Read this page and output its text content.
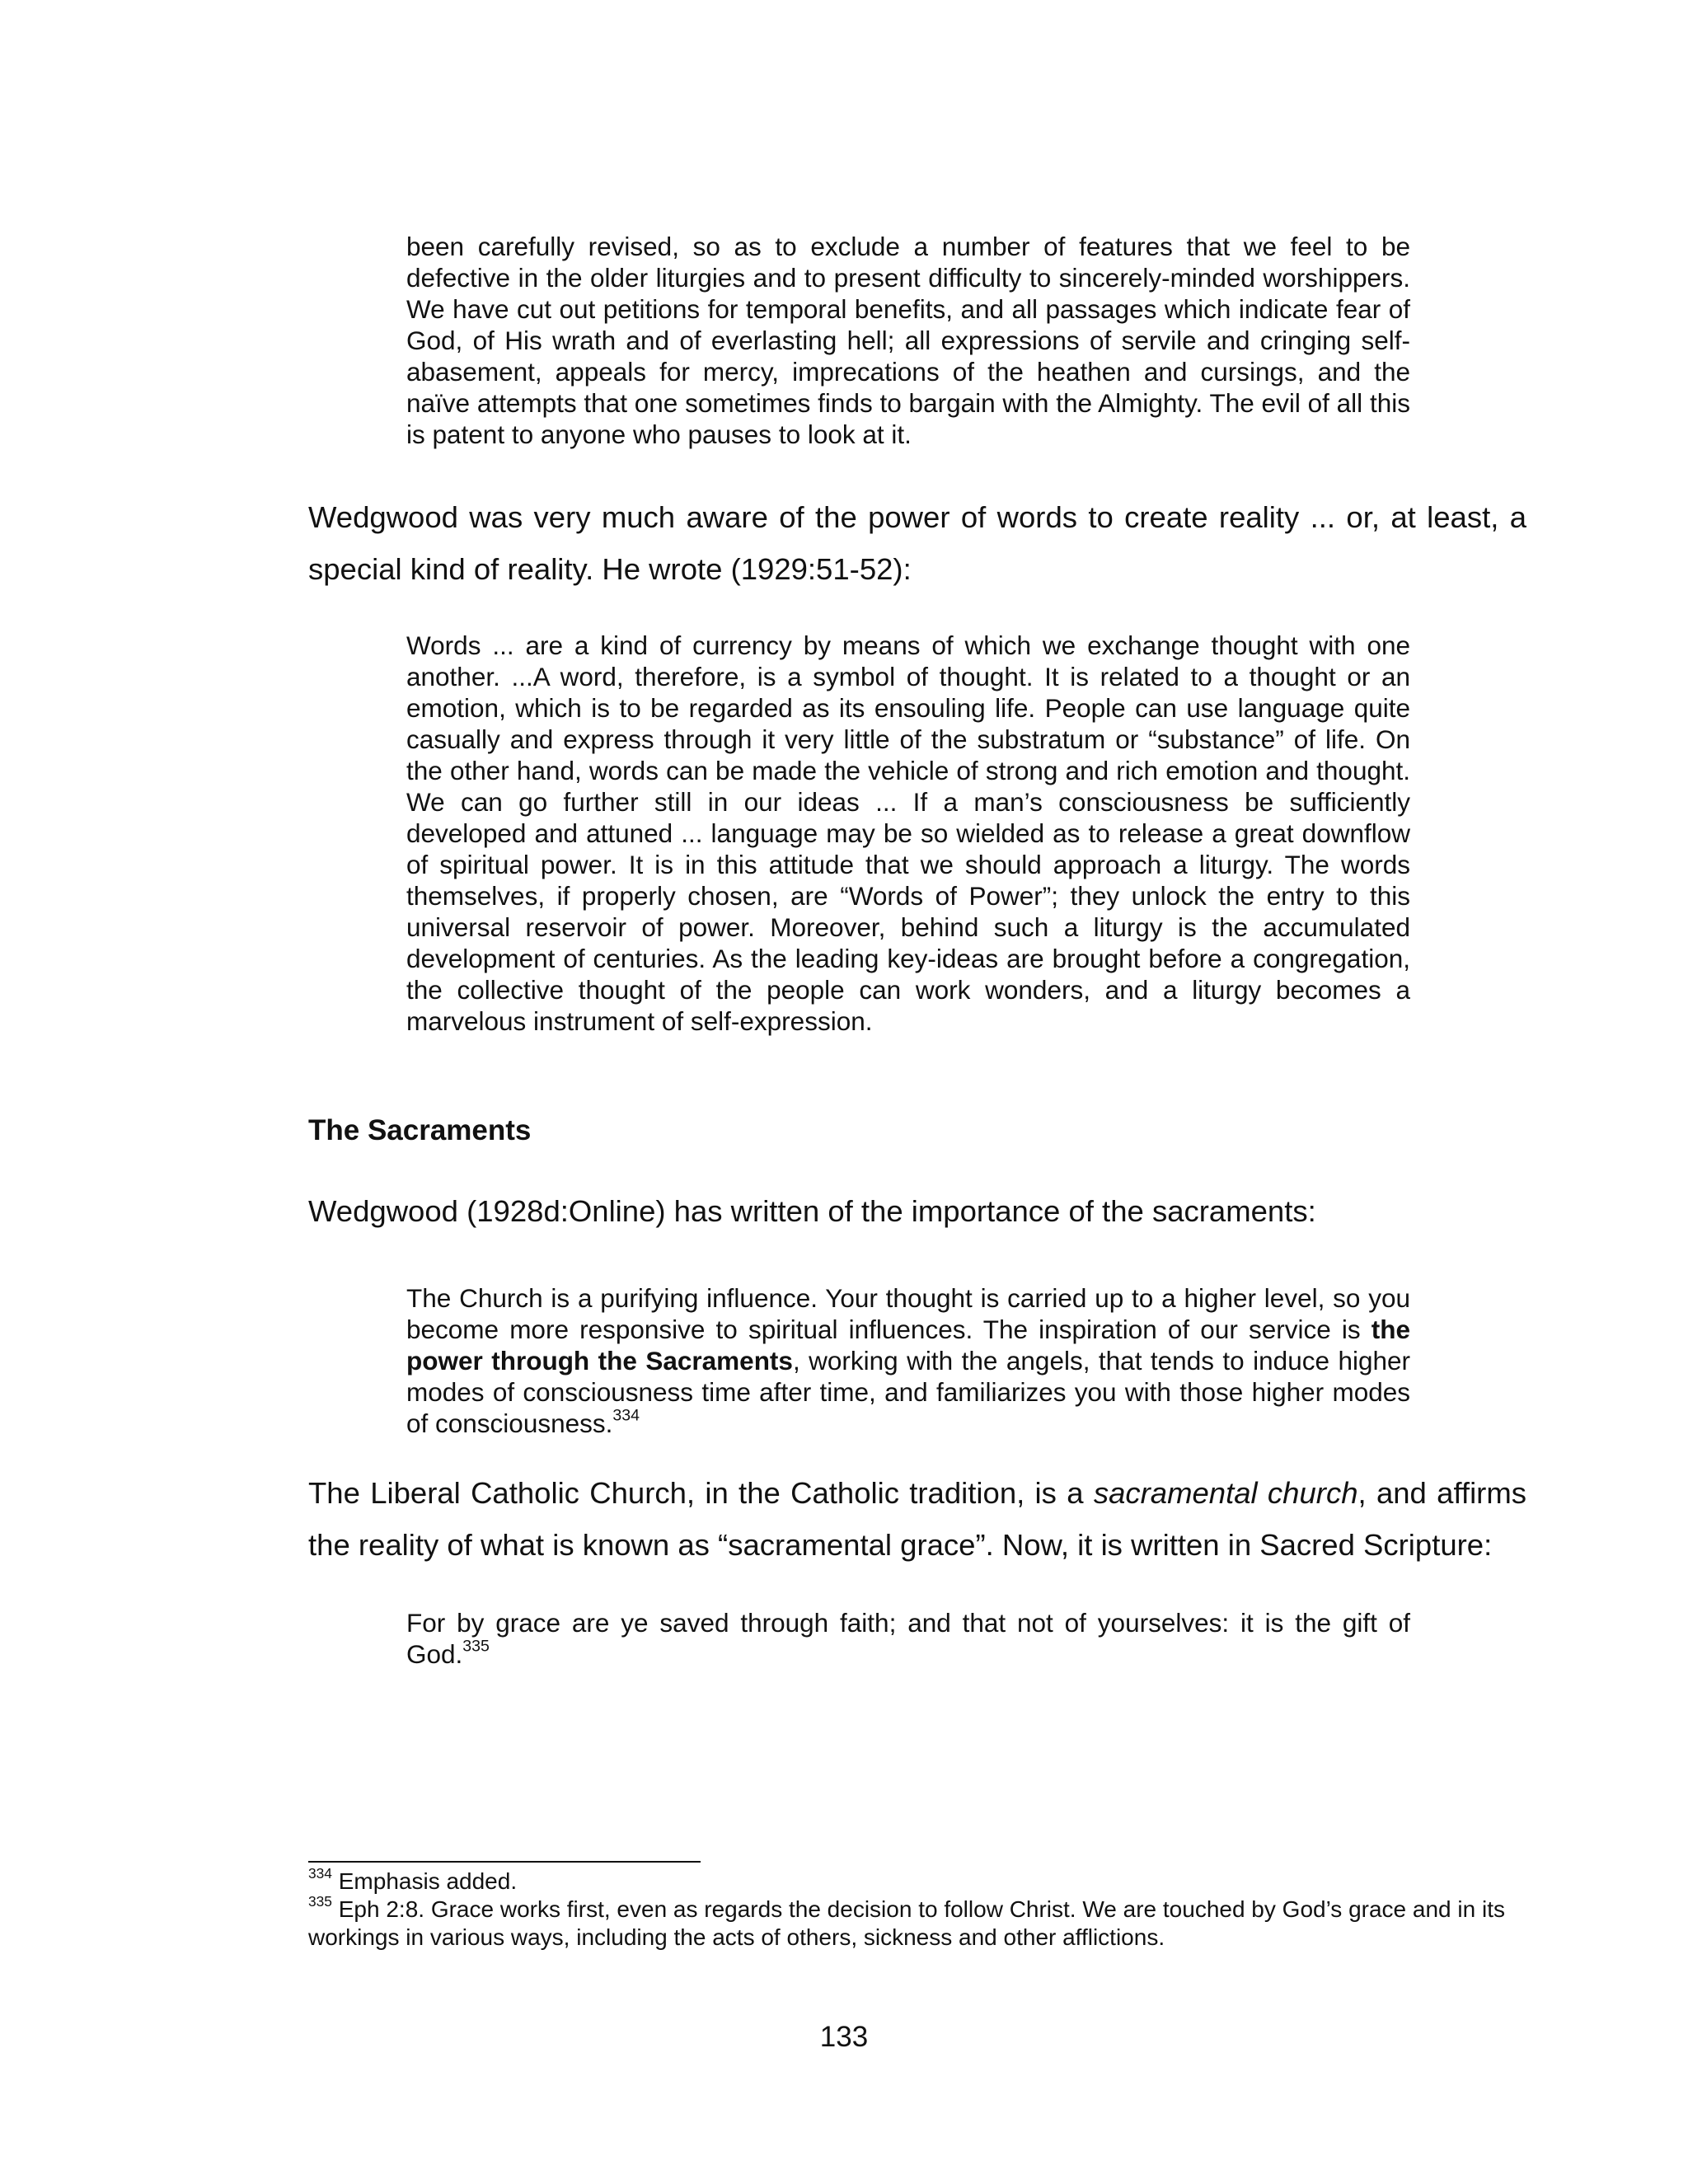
been carefully revised, so as to exclude a number of features that we feel to be defective in the older liturgies and to present difficulty to sincerely-minded worshippers. We have cut out petitions for temporal benefits, and all passages which indicate fear of God, of His wrath and of everlasting hell; all expressions of servile and cringing self-abasement, appeals for mercy, imprecations of the heathen and cursings, and the naïve attempts that one sometimes finds to bargain with the Almighty. The evil of all this is patent to anyone who pauses to look at it.

Wedgwood was very much aware of the power of words to create reality ... or, at least, a special kind of reality. He wrote (1929:51-52):

Words ... are a kind of currency by means of which we exchange thought with one another. ...A word, therefore, is a symbol of thought. It is related to a thought or an emotion, which is to be regarded as its ensouling life. People can use language quite casually and express through it very little of the substratum or “substance” of life. On the other hand, words can be made the vehicle of strong and rich emotion and thought. We can go further still in our ideas ... If a man’s consciousness be sufficiently developed and attuned ... language may be so wielded as to release a great downflow of spiritual power. It is in this attitude that we should approach a liturgy. The words themselves, if properly chosen, are “Words of Power”; they unlock the entry to this universal reservoir of power. Moreover, behind such a liturgy is the accumulated development of centuries. As the leading key-ideas are brought before a congregation, the collective thought of the people can work wonders, and a liturgy becomes a marvelous instrument of self-expression.

The Sacraments

Wedgwood (1928d:Online) has written of the importance of the sacraments:

The Church is a purifying influence. Your thought is carried up to a higher level, so you become more responsive to spiritual influences. The inspiration of our service is the power through the Sacraments, working with the angels, that tends to induce higher modes of consciousness time after time, and familiarizes you with those higher modes of consciousness.$^{334}$

The Liberal Catholic Church, in the Catholic tradition, is a sacramental church, and affirms the reality of what is known as “sacramental grace”. Now, it is written in Sacred Scripture:

For by grace are ye saved through faith; and that not of yourselves: it is the gift of God.$^{335}$

$^{334}$ Emphasis added.

$^{335}$ Eph 2:8. Grace works first, even as regards the decision to follow Christ. We are touched by God’s grace and in its workings in various ways, including the acts of others, sickness and other afflictions.

133
